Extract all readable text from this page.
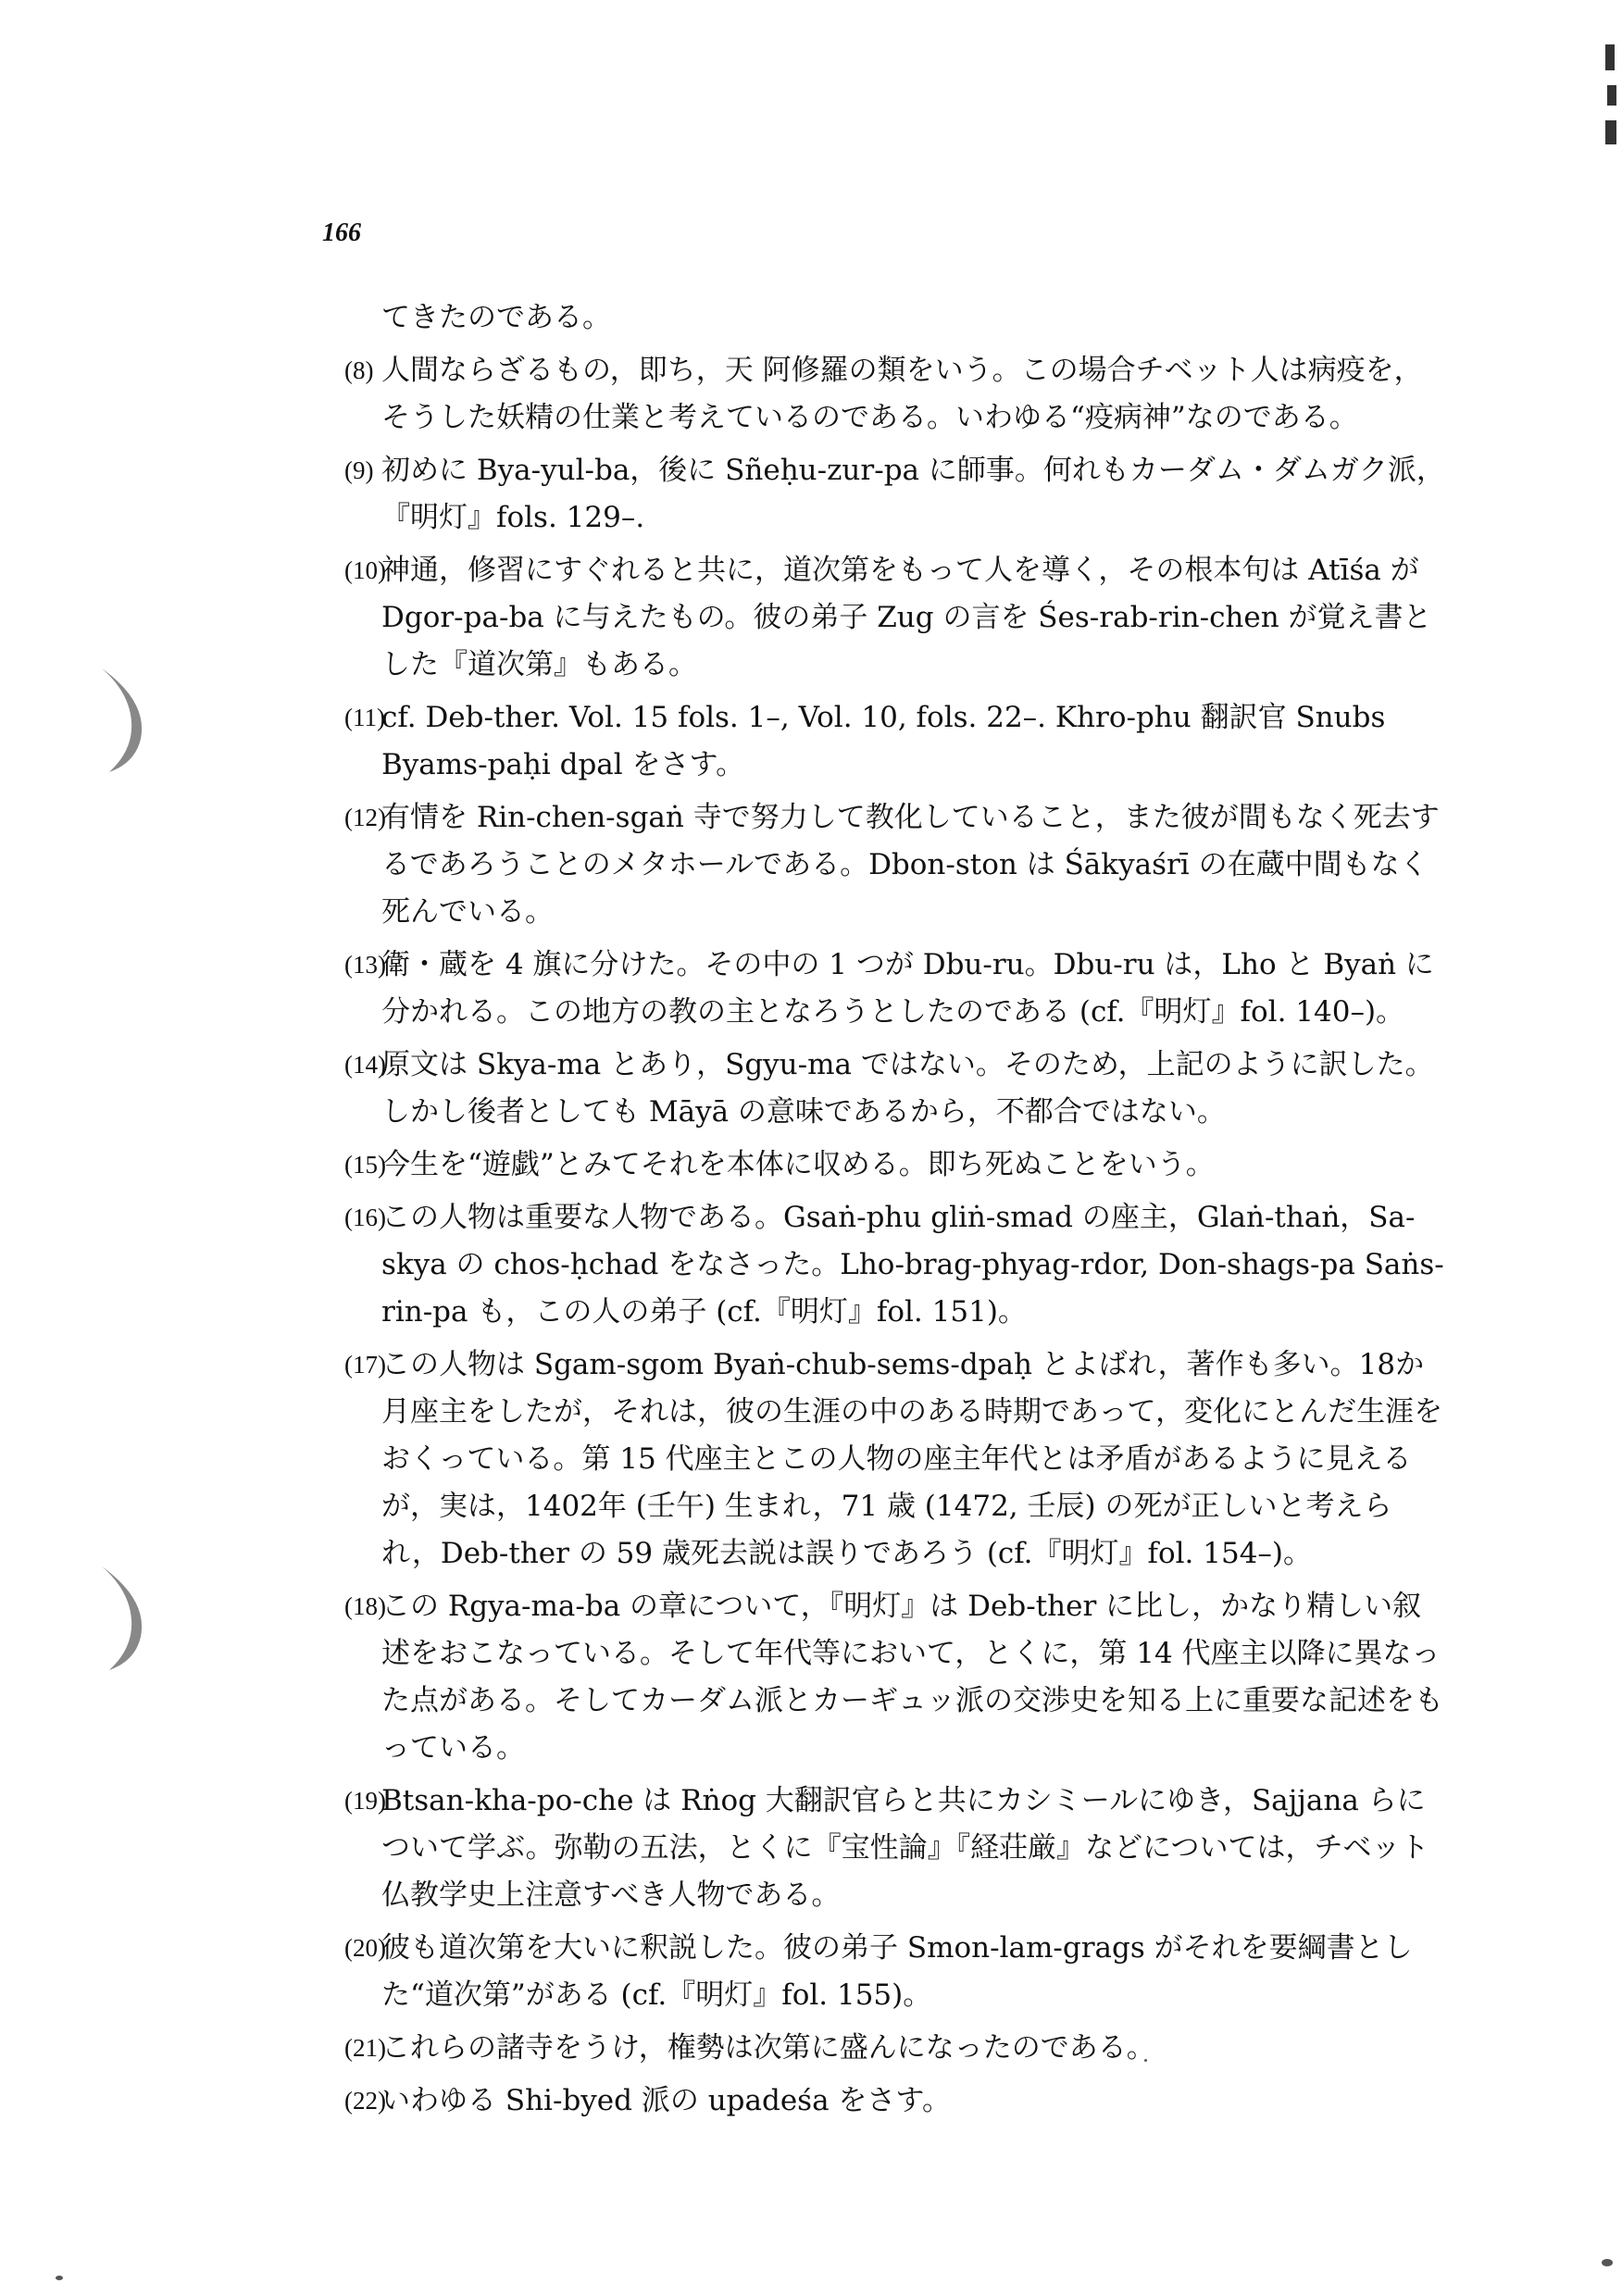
166

てきたのである。

(8) 人間ならざるもの，即ち，天 阿修羅の類をいう。この場合チベット人は病疫を，そうした妖精の仕業と考えているのである。いわゆる“疫病神”なのである。

(9) 初めに Bya-yul-ba，後に Sñeḥu-zur-pa に師事。何れもカーダム・ダムガク派，『明灯』fols. 129–.

(10)
神通，修習にすぐれると共に，道次第をもって人を導く，その根本句は Atīśa が Dgor-pa-ba に与えたもの。彼の弟子 Zug の言を Śes-rab-rin-chen が覚え書とした『道次第』もある。

(11)
cf. Deb-ther. Vol. 15 fols. 1–, Vol. 10, fols. 22–. Khro-phu 翻訳官 Snubs Byams-paḥi dpal をさす。

(12)
有情を Rin-chen-sgaṅ 寺で努力して教化していること，また彼が間もなく死去するであろうことのメタホールである。Dbon-ston は Śākyaśrī の在蔵中間もなく死んでいる。

(13)
衛・蔵を 4 旗に分けた。その中の 1 つが Dbu-ru。Dbu-ru は，Lho と Byaṅ に分かれる。この地方の教の主となろうとしたのである (cf.『明灯』fol. 140–)。

(14)
原文は Skya-ma とあり，Sgyu-ma ではない。そのため，上記のように訳した。しかし後者としても Māyā の意味であるから，不都合ではない。

(15)
今生を“遊戯”とみてそれを本体に収める。即ち死ぬことをいう。

(16)
この人物は重要な人物である。Gsaṅ-phu gliṅ-smad の座主，Glaṅ-thaṅ，Sa-skya の chos-ḥchad をなさった。Lho-brag-phyag-rdor, Don-shags-pa Saṅs-rin-pa も，この人の弟子 (cf.『明灯』fol. 151)。

(17)
この人物は Sgam-sgom Byaṅ-chub-sems-dpaḥ とよばれ，著作も多い。18か月座主をしたが，それは，彼の生涯の中のある時期であって，変化にとんだ生涯をおくっている。第 15 代座主とこの人物の座主年代とは矛盾があるように見えるが，実は，1402年 (壬午) 生まれ，71 歳 (1472, 壬辰) の死が正しいと考えられ，Deb-ther の 59 歳死去説は誤りであろう (cf.『明灯』fol. 154–)。

(18)
この Rgya-ma-ba の章について，『明灯』は Deb-ther に比し，かなり精しい叙述をおこなっている。そして年代等において，とくに，第 14 代座主以降に異なった点がある。そしてカーダム派とカーギュッ派の交渉史を知る上に重要な記述をもっている。

(19)
Btsan-kha-po-che は Rṅog 大翻訳官らと共にカシミールにゆき，Sajjana らについて学ぶ。弥勒の五法，とくに『宝性論』『経荘厳』などについては，チベット仏教学史上注意すべき人物である。

(20)
彼も道次第を大いに釈説した。彼の弟子 Smon-lam-grags がそれを要綱書とした“道次第”がある (cf.『明灯』fol. 155)。

(21)
これらの諸寺をうけ，権勢は次第に盛んになったのである。

(22)
いわゆる Shi-byed 派の upadeśa をさす。
